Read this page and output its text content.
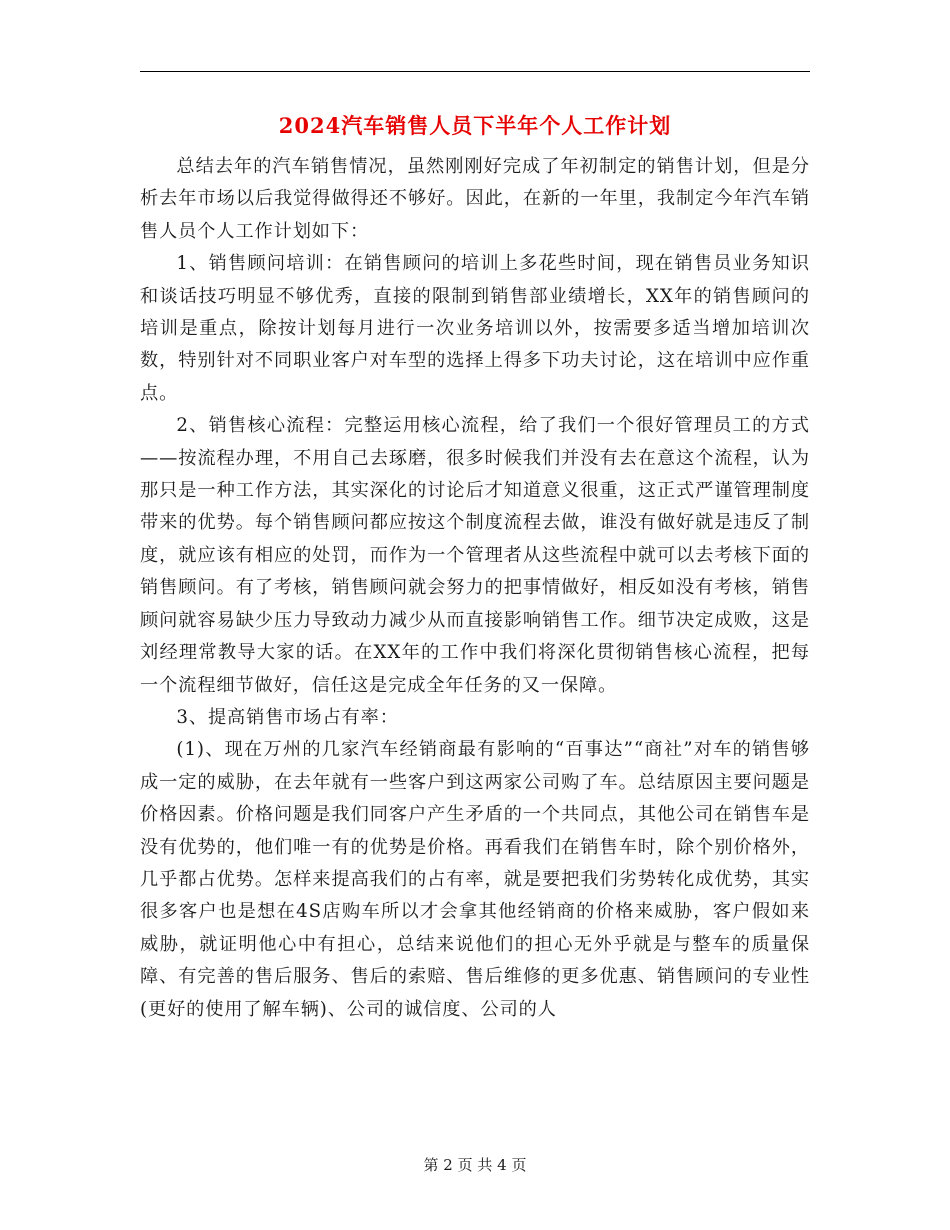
2024汽车销售人员下半年个人工作计划

总结去年的汽车销售情况，虽然刚刚好完成了年初制定的销售计划，但是分析去年市场以后我觉得做得还不够好。因此，在新的一年里，我制定今年汽车销售人员个人工作计划如下：

1、销售顾问培训：在销售顾问的培训上多花些时间，现在销售员业务知识和谈话技巧明显不够优秀，直接的限制到销售部业绩增长，XX年的销售顾问的培训是重点，除按计划每月进行一次业务培训以外，按需要多适当增加培训次数，特别针对不同职业客户对车型的选择上得多下功夫讨论，这在培训中应作重点。

2、销售核心流程：完整运用核心流程，给了我们一个很好管理员工的方式——按流程办理，不用自己去琢磨，很多时候我们并没有去在意这个流程，认为那只是一种工作方法，其实深化的讨论后才知道意义很重，这正式严谨管理制度带来的优势。每个销售顾问都应按这个制度流程去做，谁没有做好就是违反了制度，就应该有相应的处罚，而作为一个管理者从这些流程中就可以去考核下面的销售顾问。有了考核，销售顾问就会努力的把事情做好，相反如没有考核，销售顾问就容易缺少压力导致动力减少从而直接影响销售工作。细节决定成败，这是刘经理常教导大家的话。在XX年的工作中我们将深化贯彻销售核心流程，把每一个流程细节做好，信任这是完成全年任务的又一保障。

3、提高销售市场占有率：

(1)、现在万州的几家汽车经销商最有影响的“百事达”“商社”对车的销售够成一定的威胁，在去年就有一些客户到这两家公司购了车。总结原因主要问题是价格因素。价格问题是我们同客户产生矛盾的一个共同点，其他公司在销售车是没有优势的，他们唯一有的优势是价格。再看我们在销售车时，除个别价格外，几乎都占优势。怎样来提高我们的占有率，就是要把我们劣势转化成优势，其实很多客户也是想在4S店购车所以才会拿其他经销商的价格来威胁，客户假如来威胁，就证明他心中有担心，总结来说他们的担心无外乎就是与整车的质量保障、有完善的售后服务、售后的索赔、售后维修的更多优惠、销售顾问的专业性(更好的使用了解车辆)、公司的诚信度、公司的人

第 2 页 共 4 页
